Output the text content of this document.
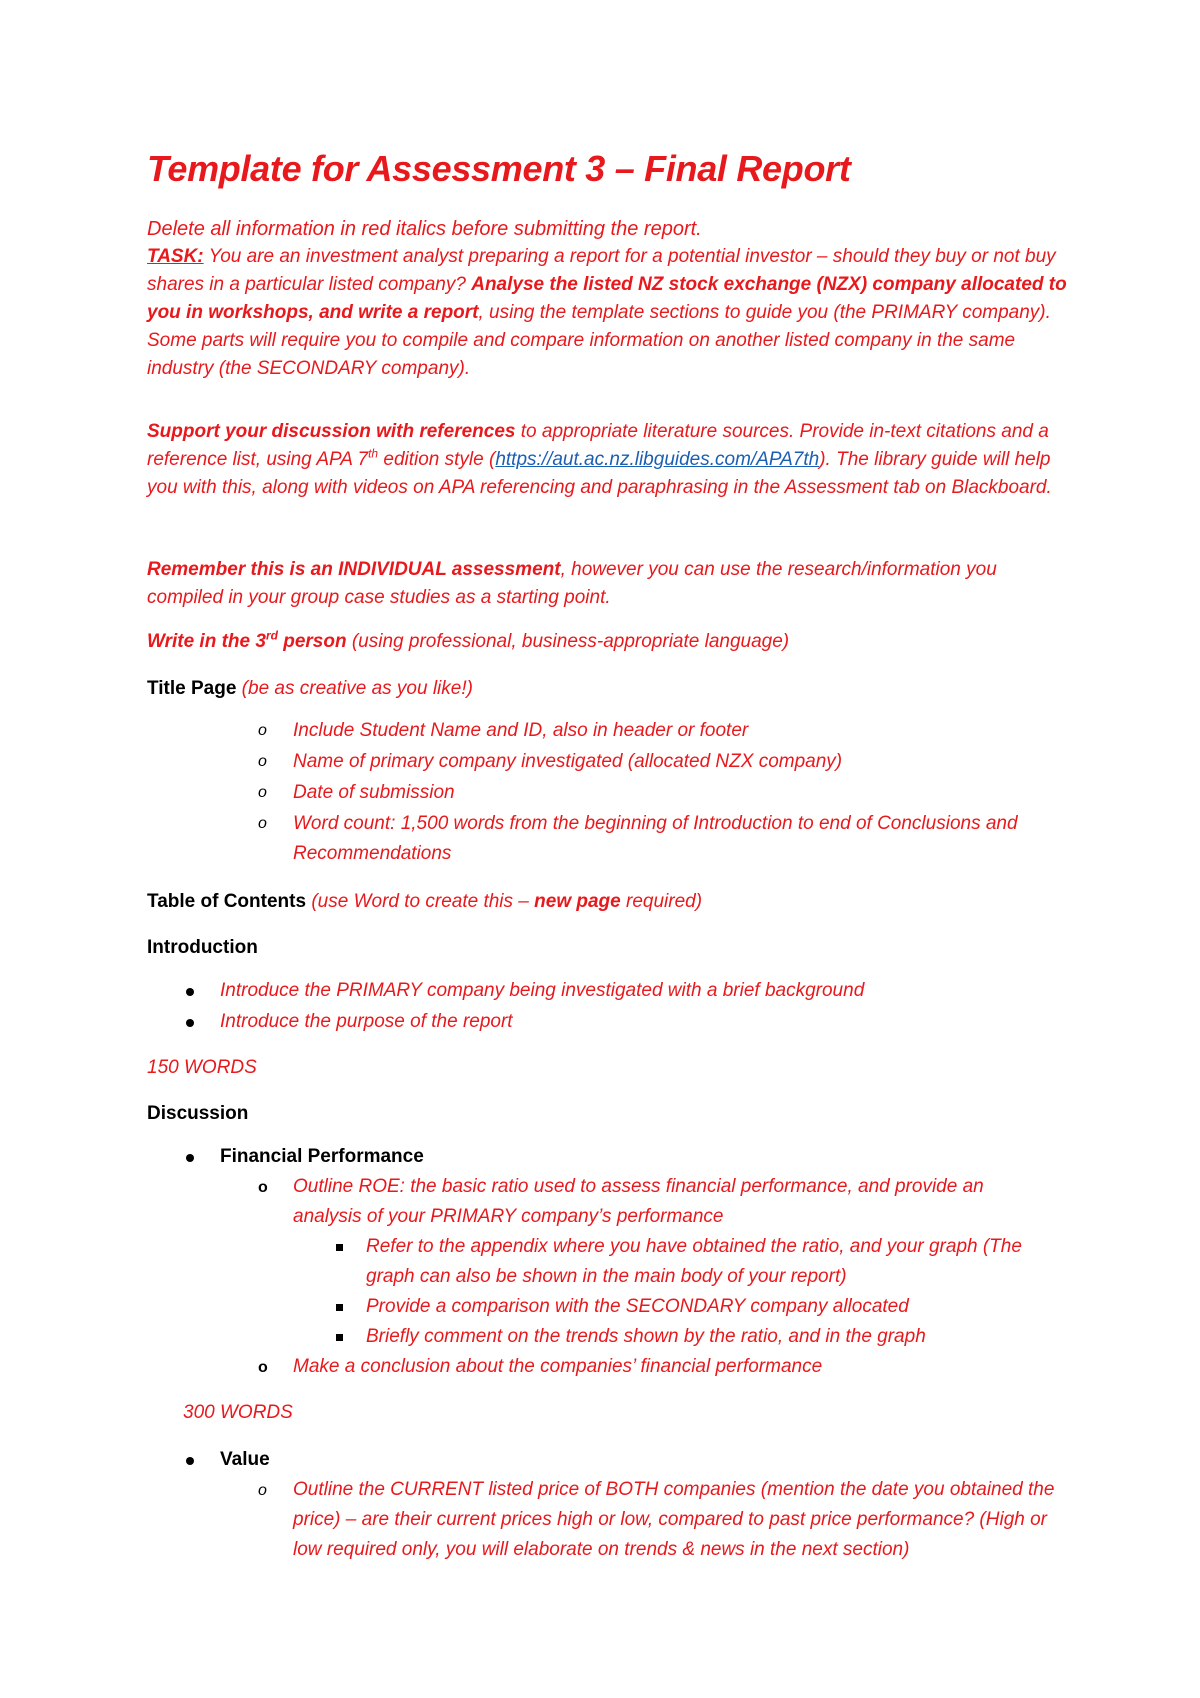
Template for Assessment 3 – Final Report
Delete all information in red italics before submitting the report.
TASK: You are an investment analyst preparing a report for a potential investor – should they buy or not buy shares in a particular listed company? Analyse the listed NZ stock exchange (NZX) company allocated to you in workshops, and write a report, using the template sections to guide you (the PRIMARY company). Some parts will require you to compile and compare information on another listed company in the same industry (the SECONDARY company).
Support your discussion with references to appropriate literature sources. Provide in-text citations and a reference list, using APA 7th edition style (https://aut.ac.nz.libguides.com/APA7th). The library guide will help you with this, along with videos on APA referencing and paraphrasing in the Assessment tab on Blackboard.
Remember this is an INDIVIDUAL assessment, however you can use the research/information you compiled in your group case studies as a starting point.
Write in the 3rd person (using professional, business-appropriate language)
Title Page (be as creative as you like!)
o Include Student Name and ID, also in header or footer
o Name of primary company investigated (allocated NZX company)
o Date of submission
o Word count: 1,500 words from the beginning of Introduction to end of Conclusions and Recommendations
Table of Contents (use Word to create this – new page required)
Introduction
Introduce the PRIMARY company being investigated with a brief background
Introduce the purpose of the report
150 WORDS
Discussion
Financial Performance
o Outline ROE: the basic ratio used to assess financial performance, and provide an analysis of your PRIMARY company’s performance
Refer to the appendix where you have obtained the ratio, and your graph (The graph can also be shown in the main body of your report)
Provide a comparison with the SECONDARY company allocated
Briefly comment on the trends shown by the ratio, and in the graph
o Make a conclusion about the companies’ financial performance
300 WORDS
Value
o Outline the CURRENT listed price of BOTH companies (mention the date you obtained the price) – are their current prices high or low, compared to past price performance? (High or low required only, you will elaborate on trends & news in the next section)
